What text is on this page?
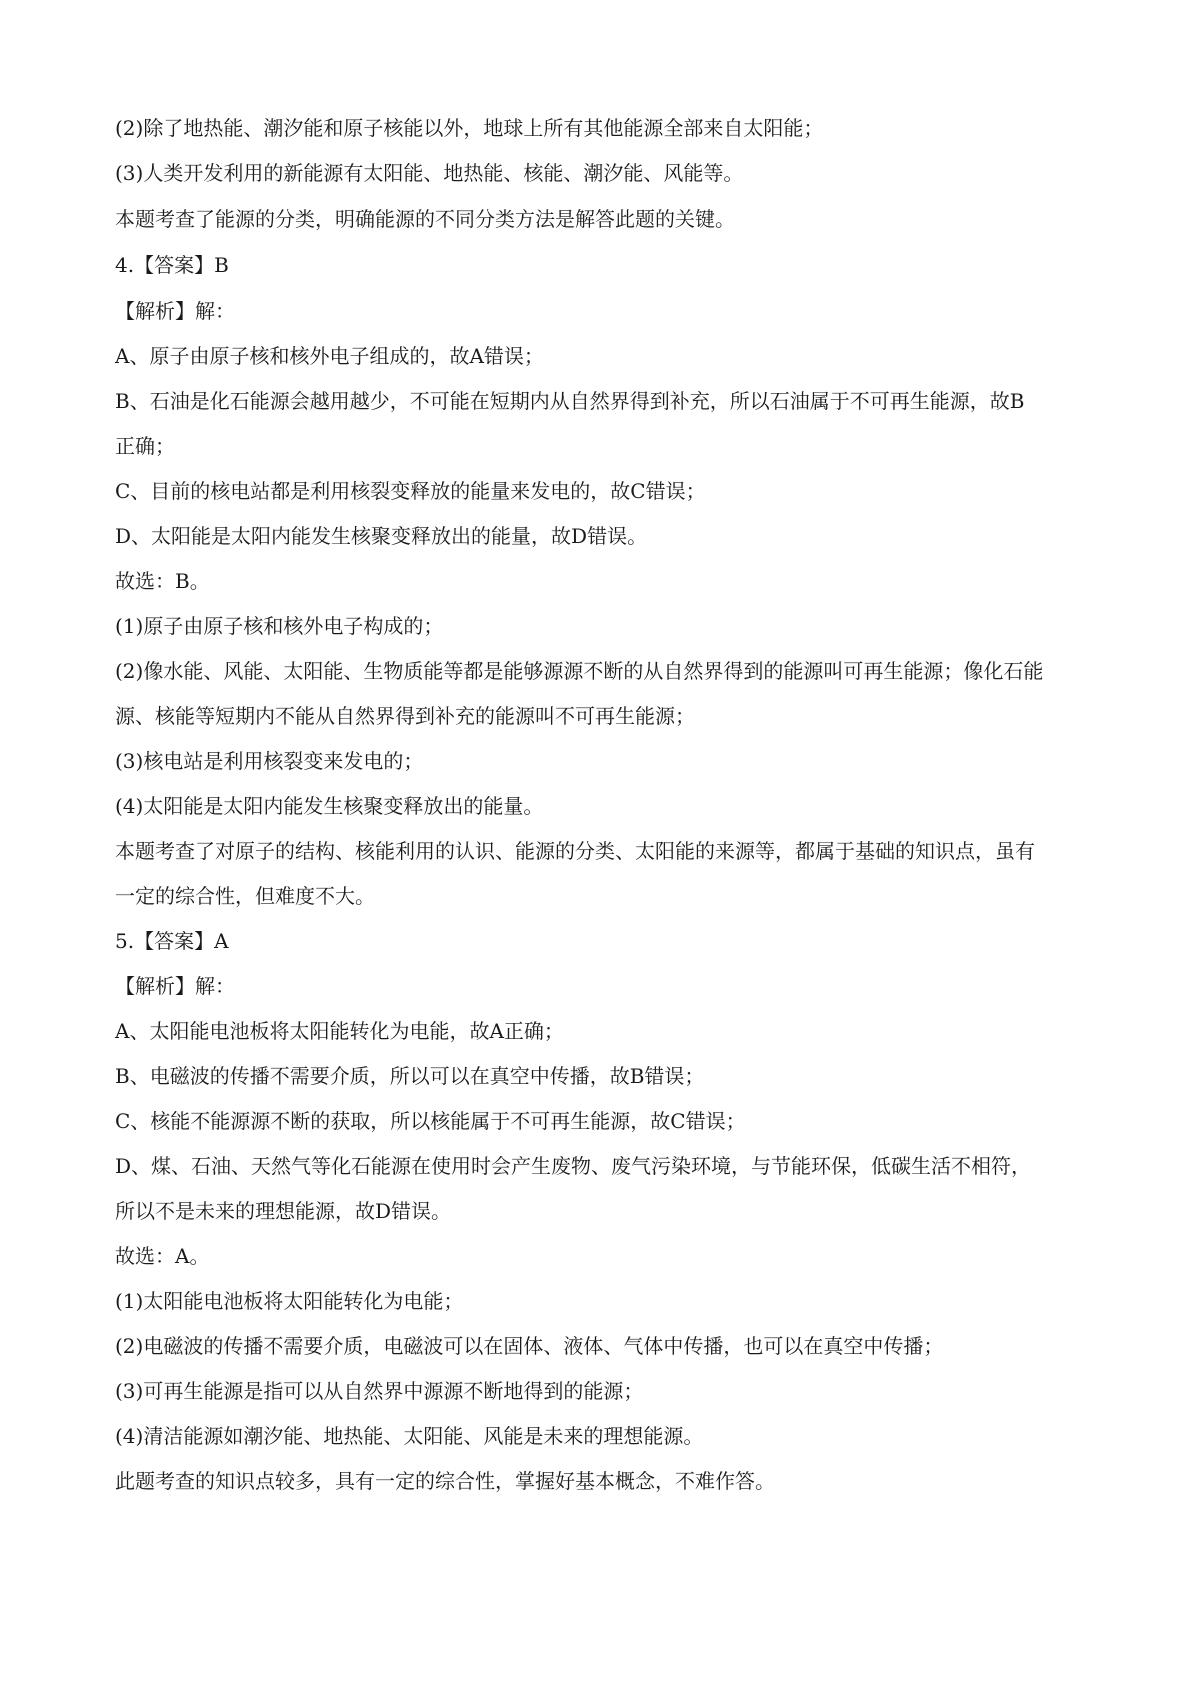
(2)除了地热能、潮汐能和原子核能以外，地球上所有其他能源全部来自太阳能；
(3)人类开发利用的新能源有太阳能、地热能、核能、潮汐能、风能等。
本题考查了能源的分类，明确能源的不同分类方法是解答此题的关键。
4.【答案】B
【解析】解：
A、原子由原子核和核外电子组成的，故A错误；
B、石油是化石能源会越用越少，不可能在短期内从自然界得到补充，所以石油属于不可再生能源，故B
正确；
C、目前的核电站都是利用核裂变释放的能量来发电的，故C错误；
D、太阳能是太阳内能发生核聚变释放出的能量，故D错误。
故选：B。
(1)原子由原子核和核外电子构成的；
(2)像水能、风能、太阳能、生物质能等都是能够源源不断的从自然界得到的能源叫可再生能源；像化石能
源、核能等短期内不能从自然界得到补充的能源叫不可再生能源；
(3)核电站是利用核裂变来发电的；
(4)太阳能是太阳内能发生核聚变释放出的能量。
本题考查了对原子的结构、核能利用的认识、能源的分类、太阳能的来源等，都属于基础的知识点，虽有
一定的综合性，但难度不大。
5.【答案】A
【解析】解：
A、太阳能电池板将太阳能转化为电能，故A正确；
B、电磁波的传播不需要介质，所以可以在真空中传播，故B错误；
C、核能不能源源不断的获取，所以核能属于不可再生能源，故C错误；
D、煤、石油、天然气等化石能源在使用时会产生废物、废气污染环境，与节能环保，低碳生活不相符，
所以不是未来的理想能源，故D错误。
故选：A。
(1)太阳能电池板将太阳能转化为电能；
(2)电磁波的传播不需要介质，电磁波可以在固体、液体、气体中传播，也可以在真空中传播；
(3)可再生能源是指可以从自然界中源源不断地得到的能源；
(4)清洁能源如潮汐能、地热能、太阳能、风能是未来的理想能源。
此题考查的知识点较多，具有一定的综合性，掌握好基本概念，不难作答。
